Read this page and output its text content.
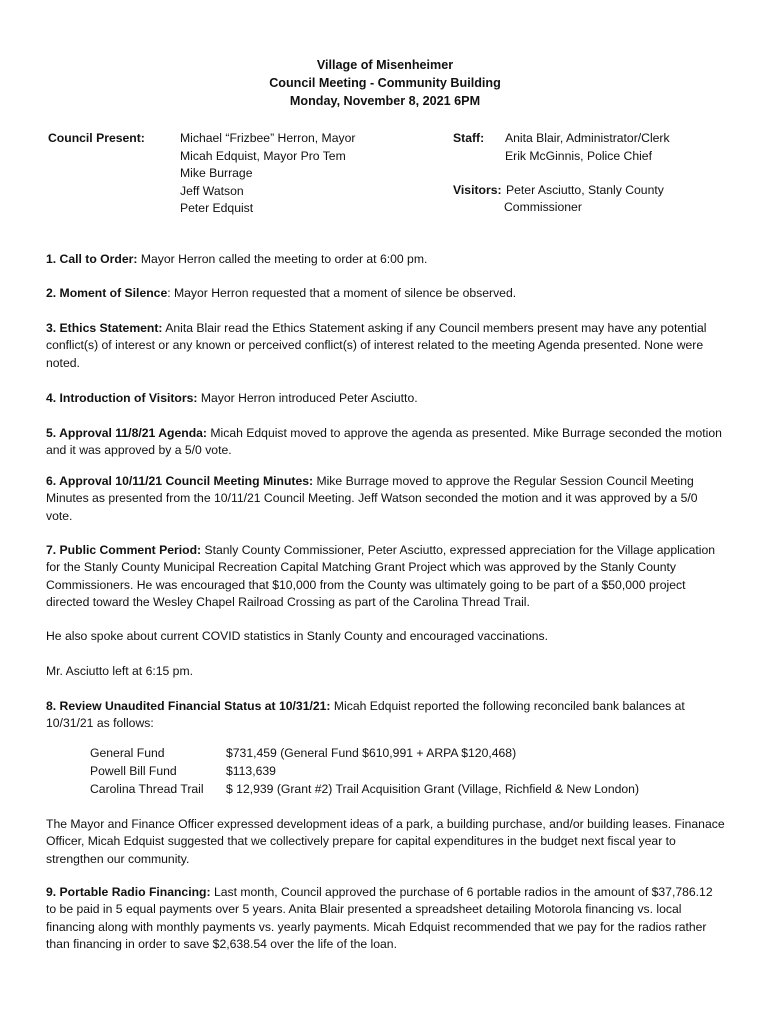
Village of Misenheimer
Council Meeting - Community Building
Monday, November 8, 2021 6PM
Council Present:	Michael “Frizbee” Herron, Mayor
Micah Edquist, Mayor Pro Tem
Mike Burrage
Jeff Watson
Peter Edquist
Staff: Anita Blair, Administrator/Clerk
Erik McGinnis, Police Chief
Visitors: Peter Asciutto, Stanly County
Commissioner
1. Call to Order: Mayor Herron called the meeting to order at 6:00 pm.
2. Moment of Silence: Mayor Herron requested that a moment of silence be observed.
3. Ethics Statement: Anita Blair read the Ethics Statement asking if any Council members present may have any potential conflict(s) of interest or any known or perceived conflict(s) of interest related to the meeting Agenda presented. None were noted.
4. Introduction of Visitors: Mayor Herron introduced Peter Asciutto.
5. Approval 11/8/21 Agenda: Micah Edquist moved to approve the agenda as presented. Mike Burrage seconded the motion and it was approved by a 5/0 vote.
6. Approval 10/11/21 Council Meeting Minutes: Mike Burrage moved to approve the Regular Session Council Meeting Minutes as presented from the 10/11/21 Council Meeting. Jeff Watson seconded the motion and it was approved by a 5/0 vote.
7. Public Comment Period: Stanly County Commissioner, Peter Asciutto, expressed appreciation for the Village application for the Stanly County Municipal Recreation Capital Matching Grant Project which was approved by the Stanly County Commissioners. He was encouraged that $10,000 from the County was ultimately going to be part of a $50,000 project directed toward the Wesley Chapel Railroad Crossing as part of the Carolina Thread Trail.
He also spoke about current COVID statistics in Stanly County and encouraged vaccinations.
Mr. Asciutto left at 6:15 pm.
8. Review Unaudited Financial Status at 10/31/21: Micah Edquist reported the following reconciled bank balances at 10/31/21 as follows:
General Fund	$731,459 (General Fund $610,991 + ARPA $120,468)
Powell Bill Fund	$113,639
Carolina Thread Trail	$ 12,939 (Grant #2) Trail Acquisition Grant (Village, Richfield & New London)
The Mayor and Finance Officer expressed development ideas of a park, a building purchase, and/or building leases. Finanace Officer, Micah Edquist suggested that we collectively prepare for capital expenditures in the budget next fiscal year to strengthen our community.
9. Portable Radio Financing: Last month, Council approved the purchase of 6 portable radios in the amount of $37,786.12 to be paid in 5 equal payments over 5 years. Anita Blair presented a spreadsheet detailing Motorola financing vs. local financing along with monthly payments vs. yearly payments. Micah Edquist recommended that we pay for the radios rather than financing in order to save $2,638.54 over the life of the loan.
